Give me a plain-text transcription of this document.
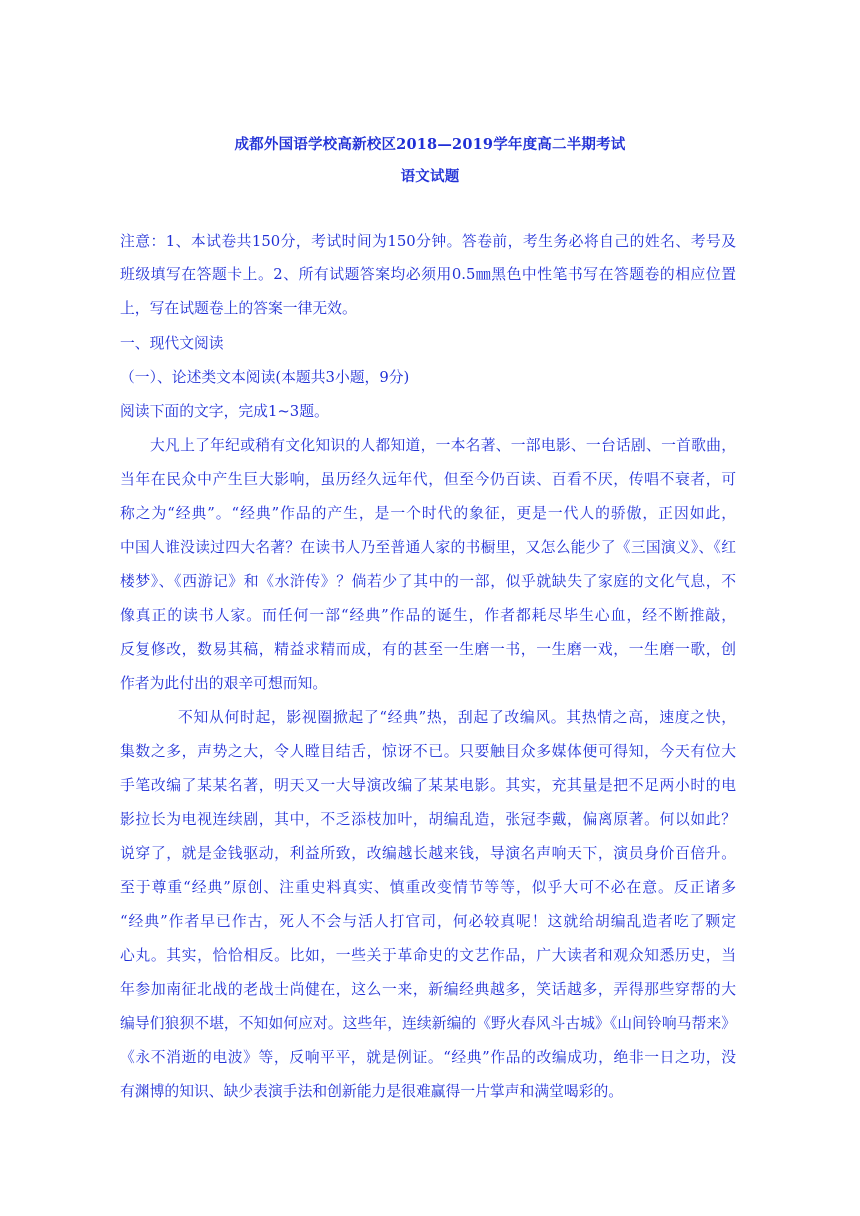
成都外国语学校高新校区2018—2019学年度高二半期考试
语文试题
注意：1、本试卷共150分，考试时间为150分钟。答卷前，考生务必将自己的姓名、考号及
班级填写在答题卡上。2、所有试题答案均必须用0.5㎜黑色中性笔书写在答题卷的相应位置
上，写在试题卷上的答案一律无效。
一、现代文阅读
（一）、论述类文本阅读(本题共3小题，9分)
阅读下面的文字，完成1~3题。
大凡上了年纪或稍有文化知识的人都知道，一本名著、一部电影、一台话剧、一首歌曲，
当年在民众中产生巨大影响，虽历经久远年代，但至今仍百读、百看不厌，传唱不衰者，可
称之为“经典”。“经典”作品的产生，是一个时代的象征，更是一代人的骄傲，正因如此，
中国人谁没读过四大名著？在读书人乃至普通人家的书橱里，又怎么能少了《三国演义》、《红
楼梦》、《西游记》和《水浒传》？倘若少了其中的一部，似乎就缺失了家庭的文化气息，不
像真正的读书人家。而任何一部“经典”作品的诞生，作者都耗尽毕生心血，经不断推敲，
反复修改，数易其稿，精益求精而成，有的甚至一生磨一书，一生磨一戏，一生磨一歌，创
作者为此付出的艰辛可想而知。
不知从何时起，影视圈掀起了“经典”热，刮起了改编风。其热情之高，速度之快，
集数之多，声势之大，令人瞠目结舌，惊讶不已。只要触目众多媒体便可得知，今天有位大
手笔改编了某某名著，明天又一大导演改编了某某电影。其实，充其量是把不足两小时的电
影拉长为电视连续剧，其中，不乏添枝加叶，胡编乱造，张冠李戴，偏离原著。何以如此？
说穿了，就是金钱驱动，利益所致，改编越长越来钱，导演名声响天下，演员身价百倍升。
至于尊重“经典”原创、注重史料真实、慎重改变情节等等，似乎大可不必在意。反正诸多
“经典”作者早已作古，死人不会与活人打官司，何必较真呢！这就给胡编乱造者吃了颗定
心丸。其实，恰恰相反。比如，一些关于革命史的文艺作品，广大读者和观众知悉历史，当
年参加南征北战的老战士尚健在，这么一来，新编经典越多，笑话越多，弄得那些穿帮的大
编导们狼狈不堪，不知如何应对。这些年，连续新编的《野火春风斗古城》《山间铃响马帮来》
《永不消逝的电波》等，反响平平，就是例证。“经典”作品的改编成功，绝非一日之功，没
有渊博的知识、缺少表演手法和创新能力是很难赢得一片掌声和满堂喝彩的。
